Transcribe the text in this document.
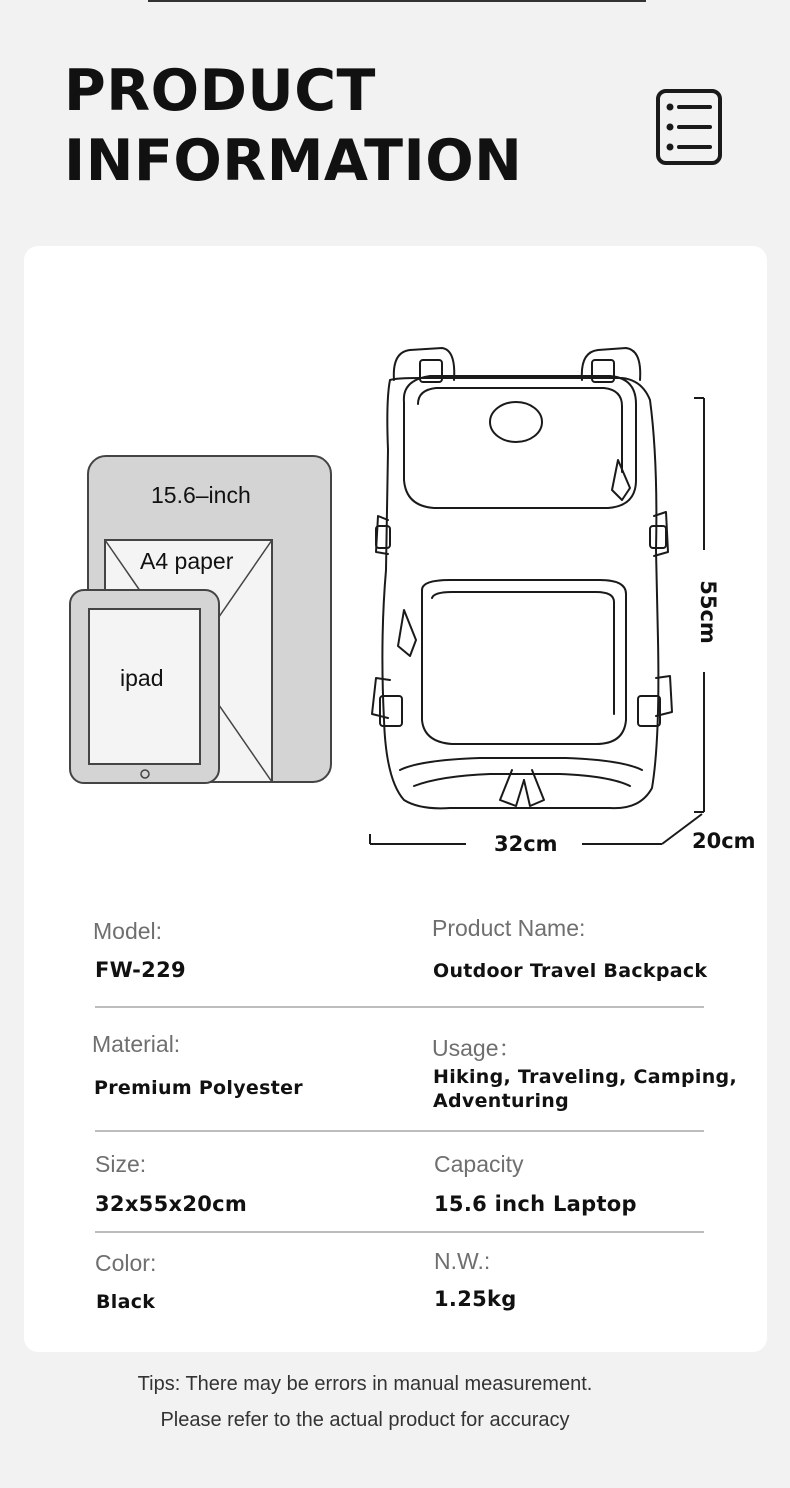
PRODUCT
INFORMATION
15.6–inch
A4 paper
ipad
32cm
55cm
20cm
Model:
FW-229
Product Name:
Outdoor Travel Backpack
Material:
Premium Polyester
Usage：
Hiking, Traveling, Camping,
Adventuring
Size:
32x55x20cm
Capacity
15.6 inch Laptop
Color:
Black
N.W.:
1.25kg
Tips: There may be errors in manual measurement.
Please refer to the actual product for accuracy
